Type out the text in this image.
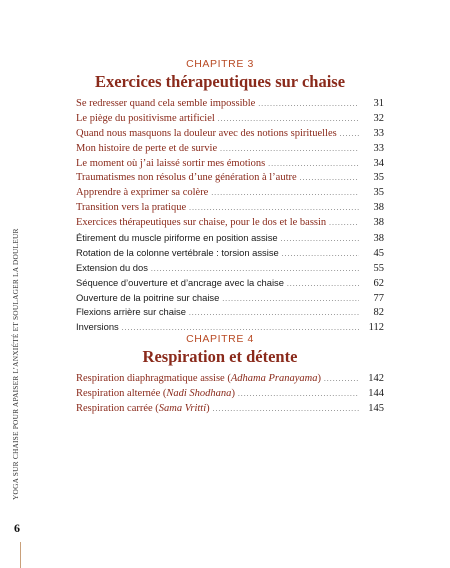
YOGA SUR CHAISE POUR APAISER L’ANXIÉTÉ ET SOULAGER LA DOULEUR
6
CHAPITRE 3
Exercices thérapeutiques sur chaise
Se redresser quand cela semble impossible .....	31
Le piège du positivisme artificiel .....	32
Quand nous masquons la douleur avec des notions spirituelles .....	33
Mon histoire de perte et de survie .....	33
Le moment où j’ai laissé sortir mes émotions .....	34
Traumatismes non résolus d’une génération à l’autre .....	35
Apprendre à exprimer sa colère .....	35
Transition vers la pratique .....	38
Exercices thérapeutiques sur chaise, pour le dos et le bassin .....	38
Étirement du muscle piriforme en position assise .....	38
Rotation de la colonne vertébrale : torsion assise .....	45
Extension du dos .....	55
Séquence d’ouverture et d’ancrage avec la chaise .....	62
Ouverture de la poitrine sur chaise .....	77
Flexions arrière sur chaise .....	82
Inversions .....	112
CHAPITRE 4
Respiration et détente
Respiration diaphragmatique assise (Adhama Pranayama) .....	142
Respiration alternée (Nadi Shodhana) .....	144
Respiration carrée (Sama Vritti) .....	145
